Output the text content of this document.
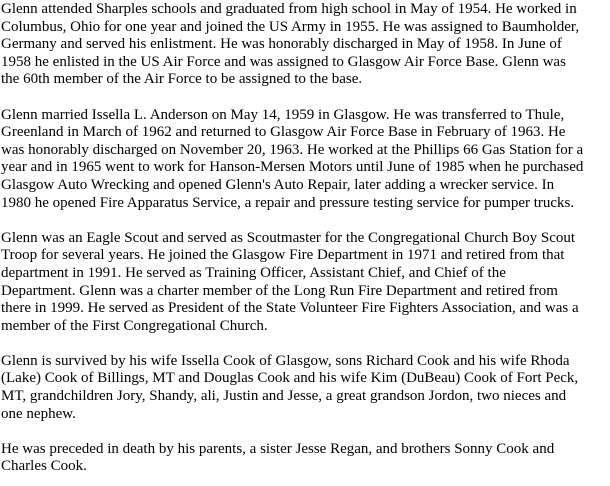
Glenn attended Sharples schools and graduated from high school in May of 1954. He worked in
Columbus, Ohio for one year and joined the US Army in 1955. He was assigned to Baumholder,
Germany and served his enlistment. He was honorably discharged in May of 1958. In June of
1958 he enlisted in the US Air Force and was assigned to Glasgow Air Force Base. Glenn was
the 60th member of the Air Force to be assigned to the base.

Glenn married Issella L. Anderson on May 14, 1959 in Glasgow. He was transferred to Thule,
Greenland in March of 1962 and returned to Glasgow Air Force Base in February of 1963. He
was honorably discharged on November 20, 1963. He worked at the Phillips 66 Gas Station for a
year and in 1965 went to work for Hanson-Mersen Motors until June of 1985 when he purchased
Glasgow Auto Wrecking and opened Glenn's Auto Repair, later adding a wrecker service. In
1980 he opened Fire Apparatus Service, a repair and pressure testing service for pumper trucks.

Glenn was an Eagle Scout and served as Scoutmaster for the Congregational Church Boy Scout
Troop for several years. He joined the Glasgow Fire Department in 1971 and retired from that
department in 1991. He served as Training Officer, Assistant Chief, and Chief of the
Department. Glenn was a charter member of the Long Run Fire Department and retired from
there in 1999. He served as President of the State Volunteer Fire Fighters Association, and was a
member of the First Congregational Church.

Glenn is survived by his wife Issella Cook of Glasgow, sons Richard Cook and his wife Rhoda
(Lake) Cook of Billings, MT and Douglas Cook and his wife Kim (DuBeau) Cook of Fort Peck,
MT, grandchildren Jory, Shandy, ali, Justin and Jesse, a great grandson Jordon, two nieces and
one nephew.

He was preceded in death by his parents, a sister Jesse Regan, and brothers Sonny Cook and
Charles Cook.
